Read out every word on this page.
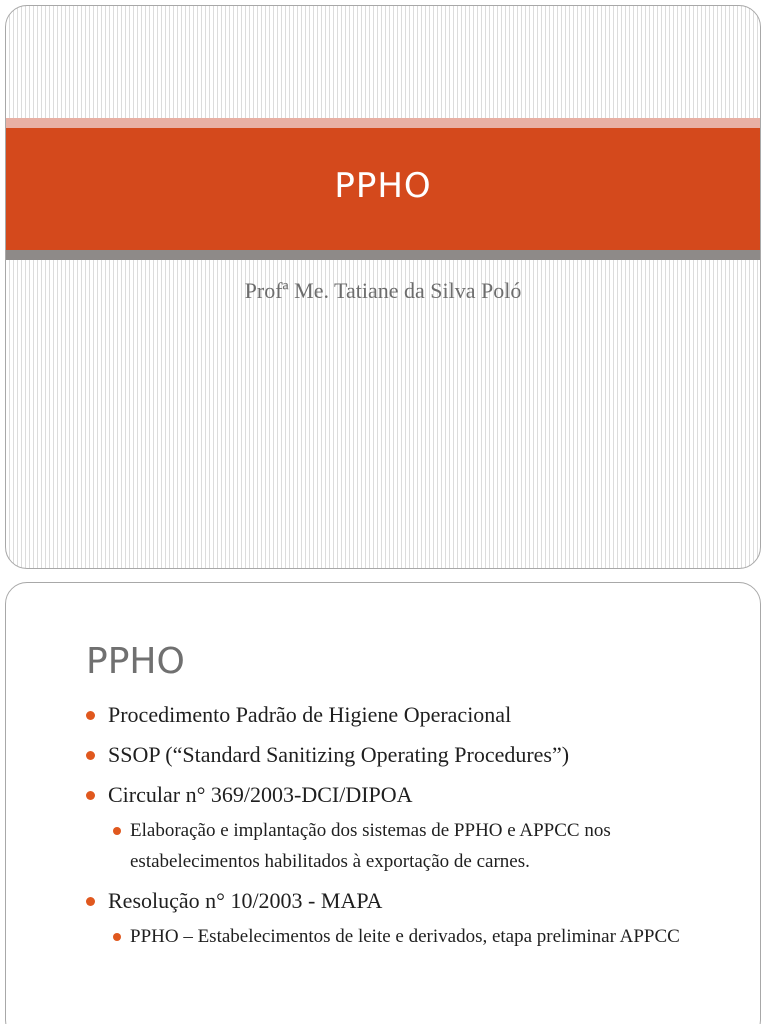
PPHO
Profª Me. Tatiane da Silva Poló
PPHO
Procedimento Padrão de Higiene Operacional
SSOP (“Standard Sanitizing Operating Procedures”)
Circular n° 369/2003-DCI/DIPOA
Elaboração e implantação dos sistemas de PPHO e APPCC nos estabelecimentos habilitados à exportação de carnes.
Resolução n° 10/2003 - MAPA
PPHO – Estabelecimentos de leite e derivados, etapa preliminar APPCC
